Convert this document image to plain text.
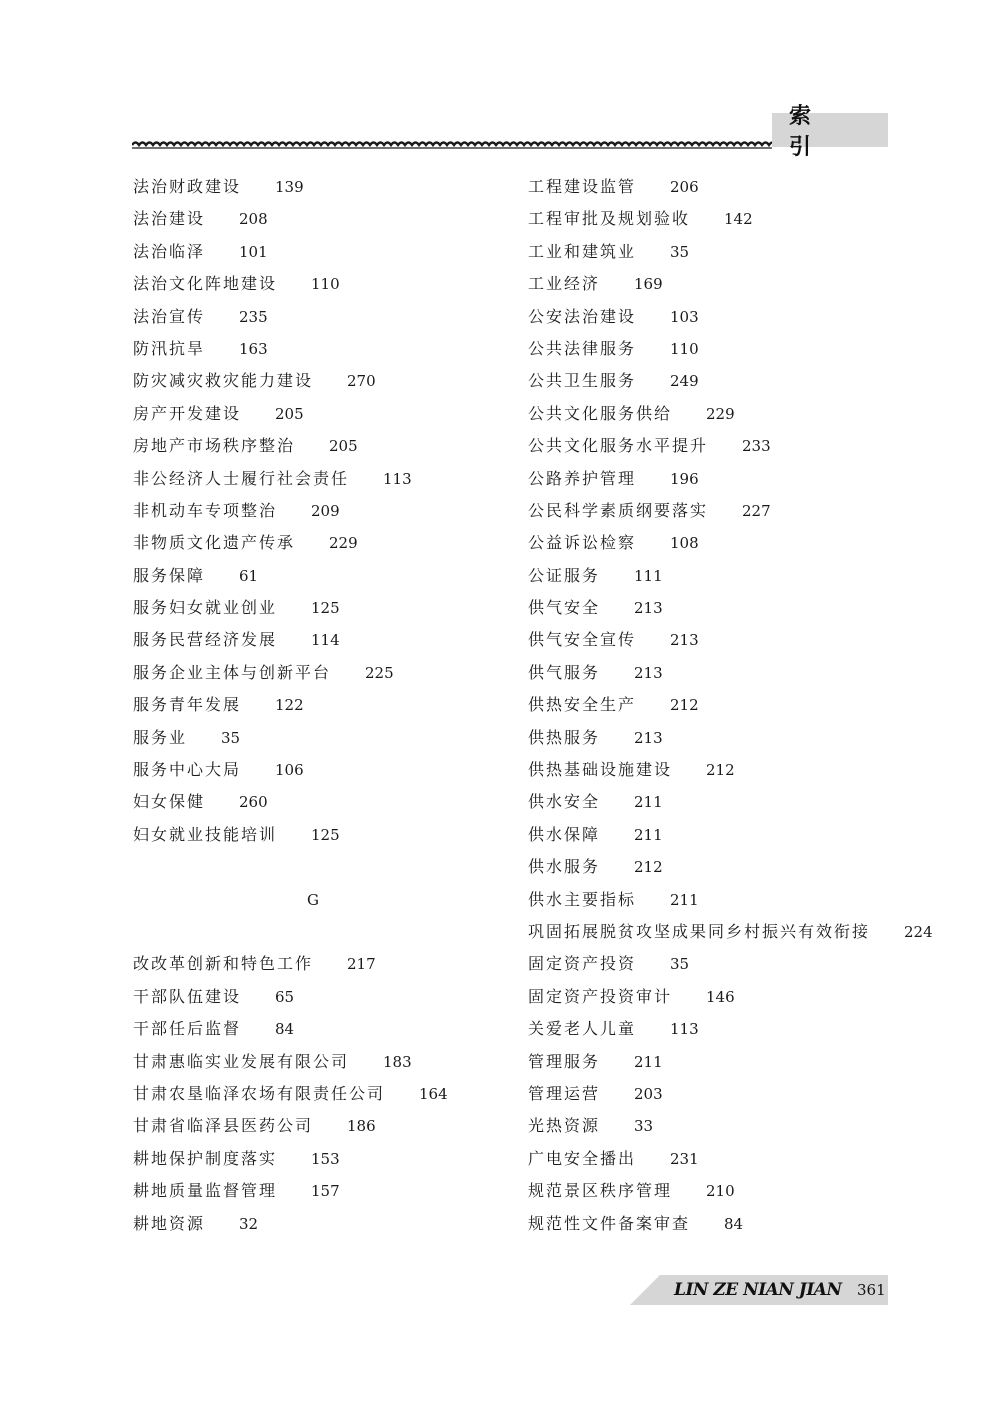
索　引
法治财政建设 139
法治建设 208
法治临泽 101
法治文化阵地建设 110
法治宣传 235
防汛抗旱 163
防灾减灾救灾能力建设 270
房产开发建设 205
房地产市场秩序整治 205
非公经济人士履行社会责任 113
非机动车专项整治 209
非物质文化遗产传承 229
服务保障 61
服务妇女就业创业 125
服务民营经济发展 114
服务企业主体与创新平台 225
服务青年发展 122
服务业 35
服务中心大局 106
妇女保健 260
妇女就业技能培训 125
G
改改革创新和特色工作 217
干部队伍建设 65
干部任后监督 84
甘肃惠临实业发展有限公司 183
甘肃农垦临泽农场有限责任公司 164
甘肃省临泽县医药公司 186
耕地保护制度落实 153
耕地质量监督管理 157
耕地资源 32
工程建设监管 206
工程审批及规划验收 142
工业和建筑业 35
工业经济 169
公安法治建设 103
公共法律服务 110
公共卫生服务 249
公共文化服务供给 229
公共文化服务水平提升 233
公路养护管理 196
公民科学素质纲要落实 227
公益诉讼检察 108
公证服务 111
供气安全 213
供气安全宣传 213
供气服务 213
供热安全生产 212
供热服务 213
供热基础设施建设 212
供水安全 211
供水保障 211
供水服务 212
供水主要指标 211
巩固拓展脱贫攻坚成果同乡村振兴有效衔接 224
固定资产投资 35
固定资产投资审计 146
关爱老人儿童 113
管理服务 211
管理运营 203
光热资源 33
广电安全播出 231
规范景区秩序管理 210
规范性文件备案审查 84
LIN ZE NIAN JIAN 361
